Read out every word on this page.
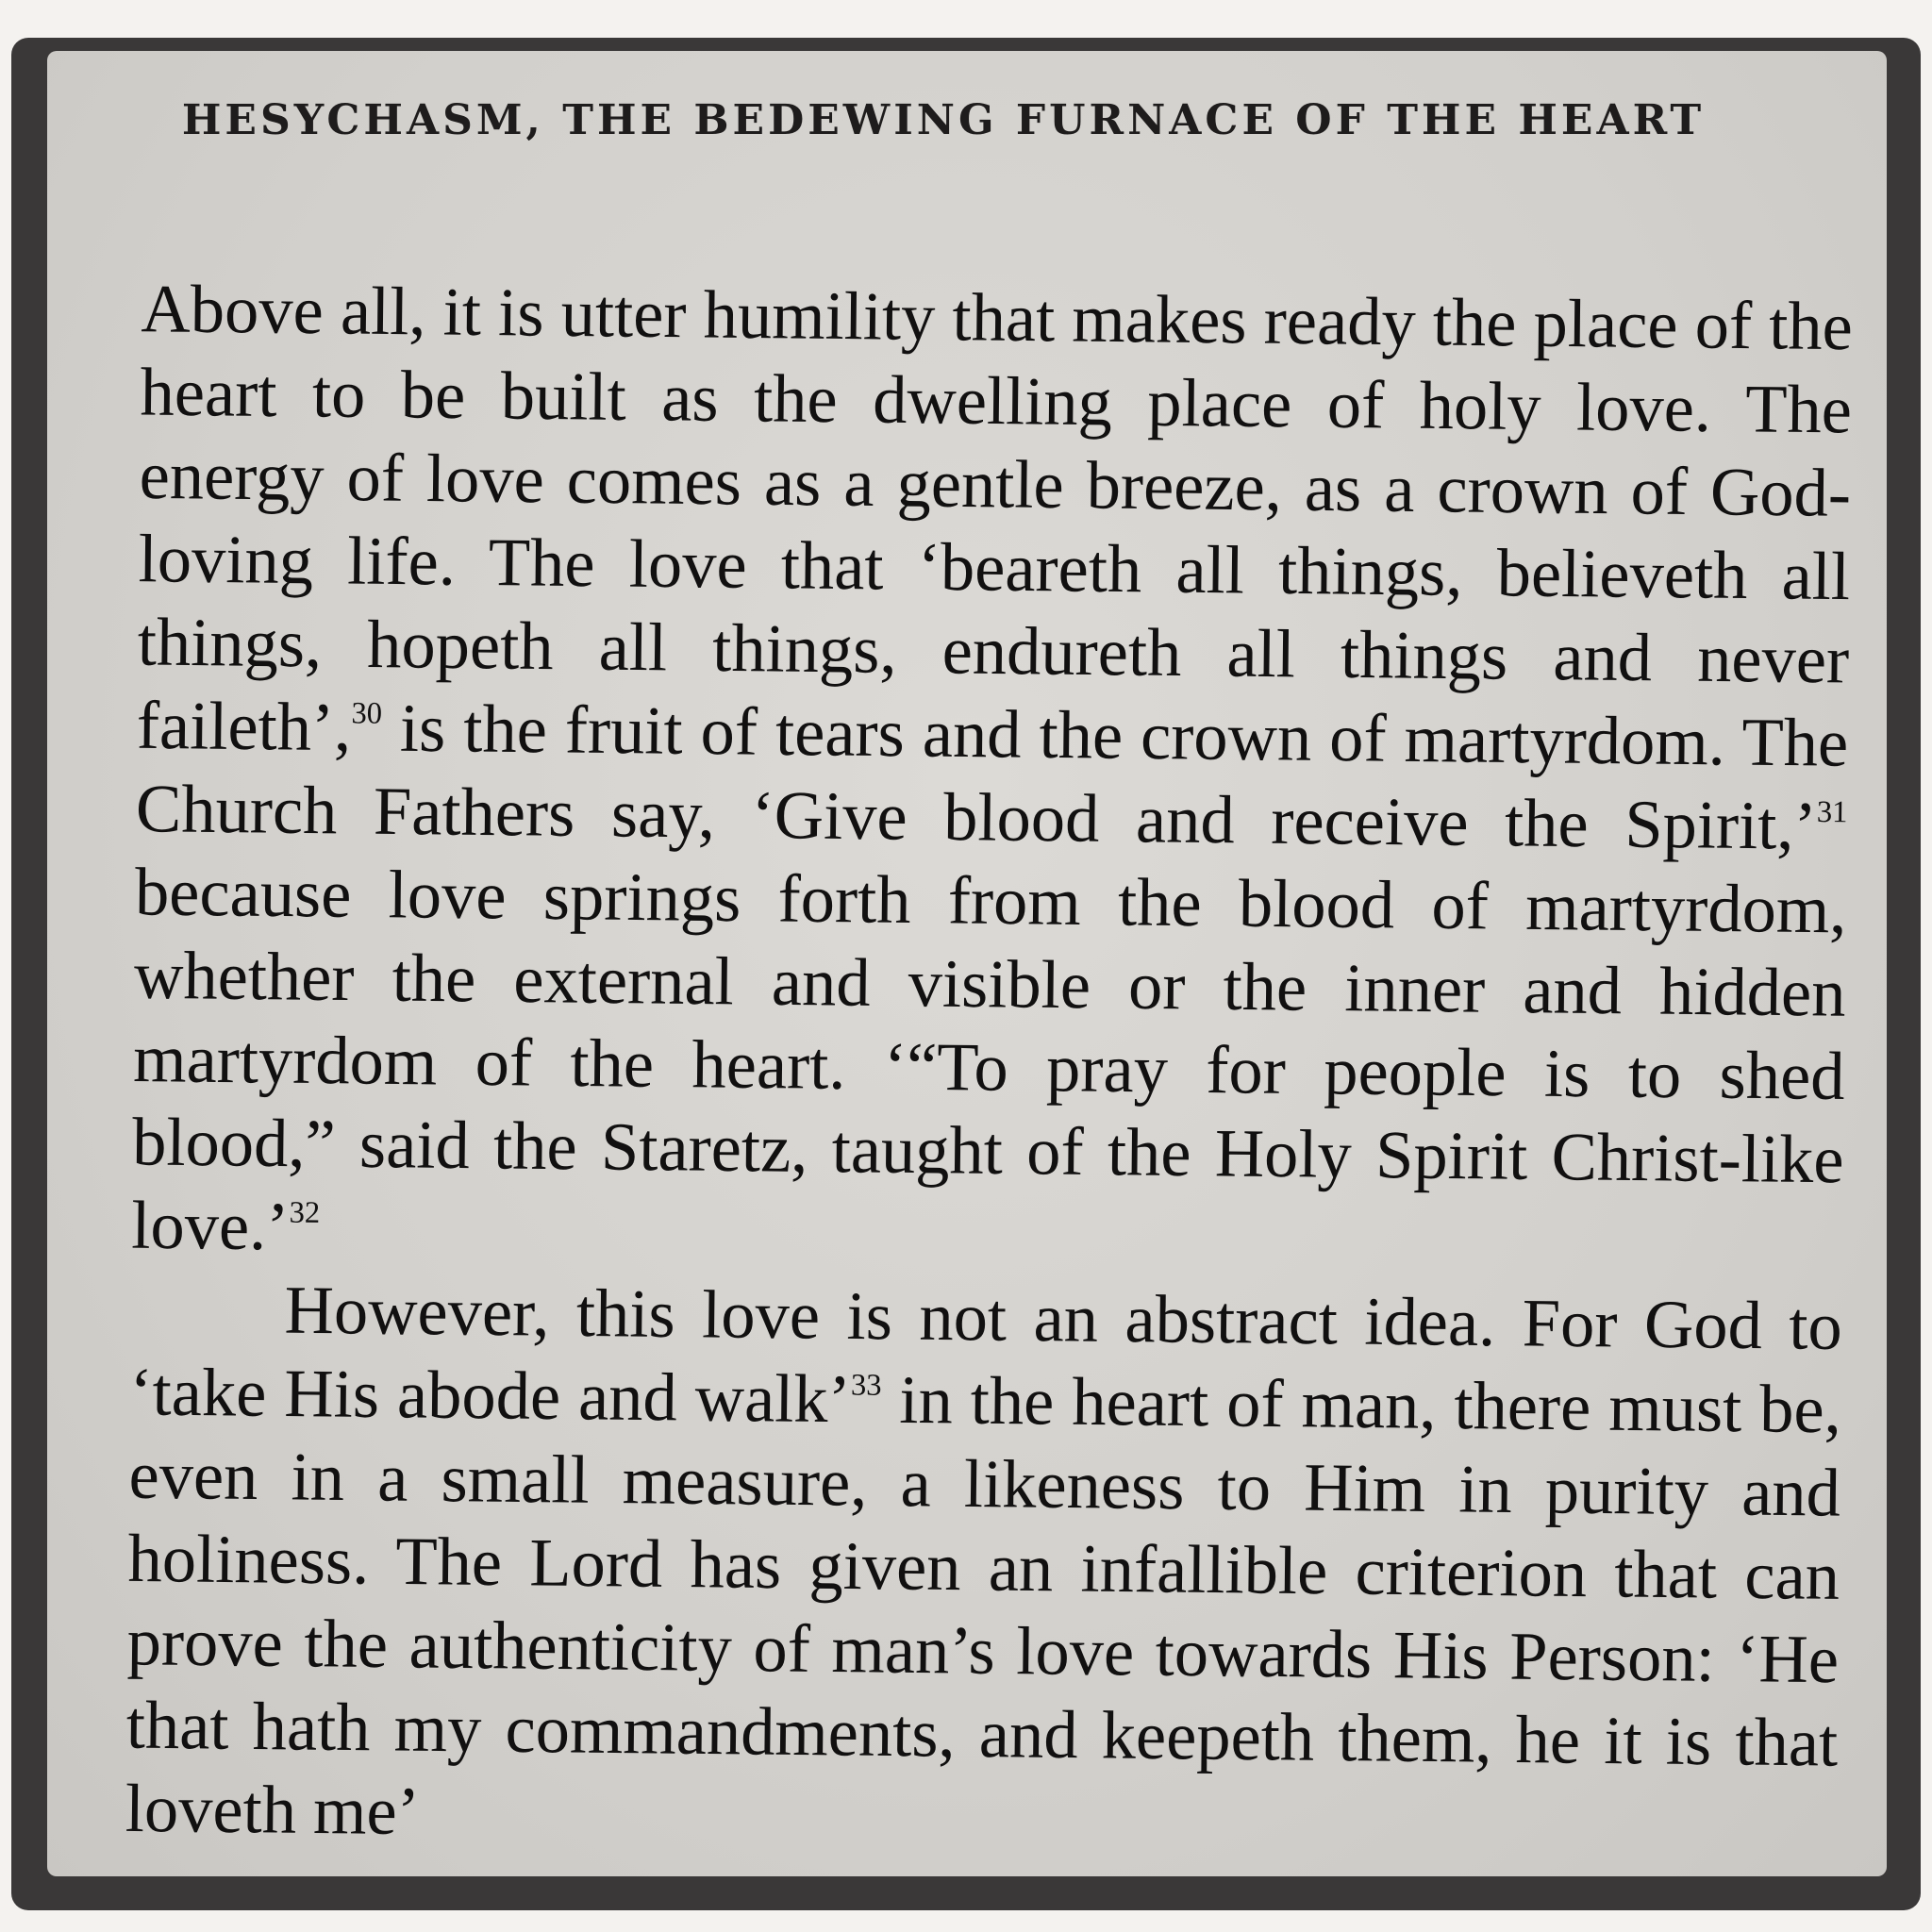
HESYCHASM, THE BEDEWING FURNACE OF THE HEART

Above all, it is utter humility that makes ready the place of the heart to be built as the dwelling place of holy love. The energy of love comes as a gentle breeze, as a crown of God-loving life. The love that ‘beareth all things, believeth all things, hopeth all things, endureth all things and never faileth’,$^{30}$ is the fruit of tears and the crown of martyrdom. The Church Fathers say, ‘Give blood and receive the Spirit,’$^{31}$ because love springs forth from the blood of martyrdom, whether the external and visible or the inner and hidden martyrdom of the heart. ‘“To pray for people is to shed blood,” said the Staretz, taught of the Holy Spirit Christ-like love.’$^{32}$

However, this love is not an abstract idea. For God to ‘take His abode and walk’$^{33}$ in the heart of man, there must be, even in a small measure, a likeness to Him in purity and holiness. The Lord has given an infallible criterion that can prove the authenticity of man’s love towards His Person: ‘He that hath my commandments, and keepeth them, he it is that loveth me’
